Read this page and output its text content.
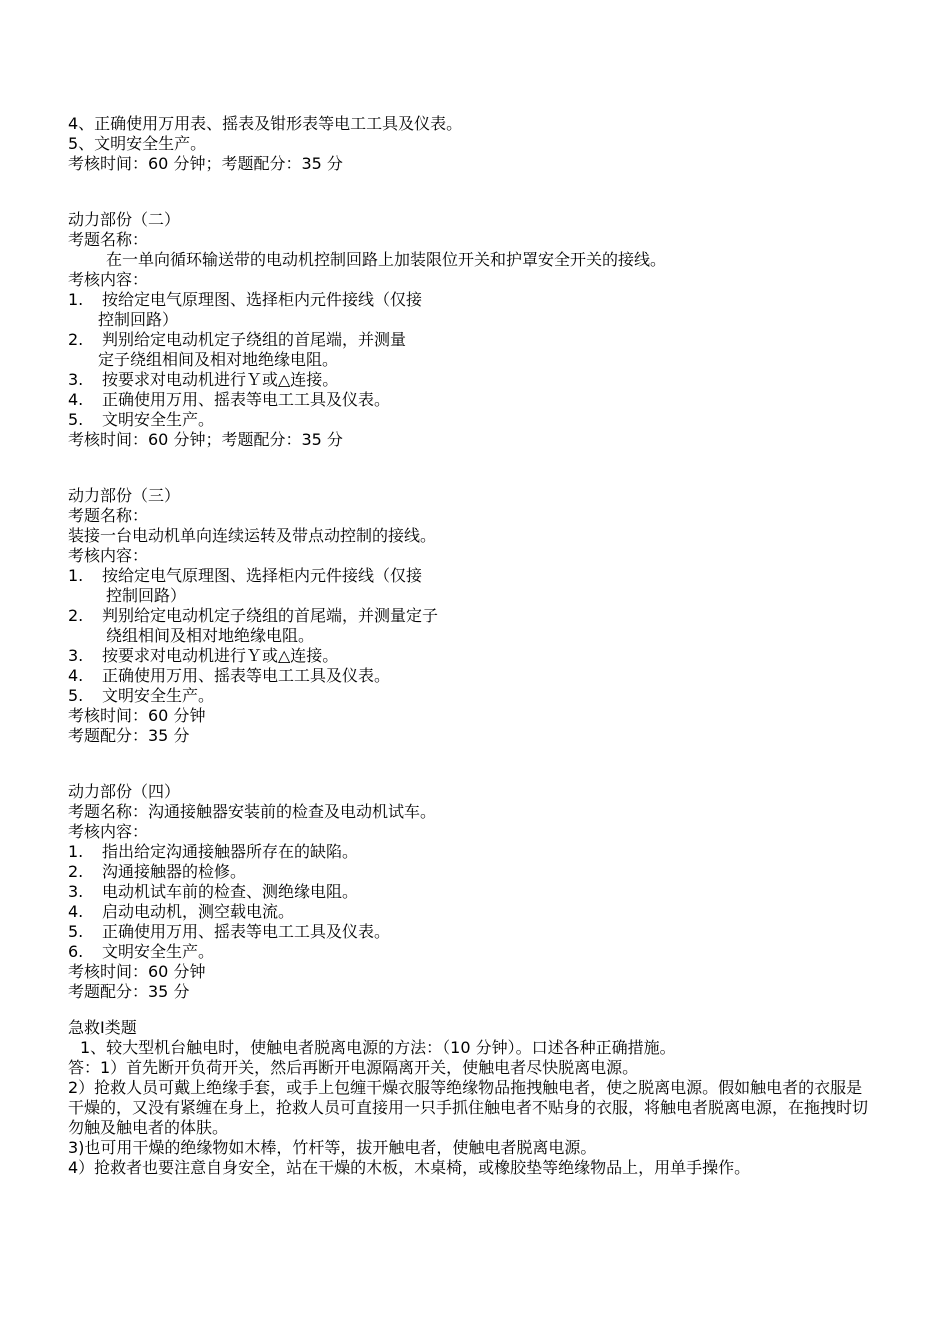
4、正确使用万用表、摇表及钳形表等电工工具及仪表。
5、文明安全生产。
考核时间：60 分钟；考题配分：35 分
动力部份（二）
考题名称：
在一单向循环输送带的电动机控制回路上加装限位开关和护罩安全开关的接线。
考核内容：
1.	按给定电气原理图、选择柜内元件接线（仅接
控制回路）
2.	判别给定电动机定子绕组的首尾端，并测量
定子绕组相间及相对地绝缘电阻。
3.	按要求对电动机进行Ｙ或△连接。
4.	正确使用万用、摇表等电工工具及仪表。
5.	文明安全生产。
考核时间：60 分钟；考题配分：35 分
动力部份（三）
考题名称：
装接一台电动机单向连续运转及带点动控制的接线。
考核内容：
1.	按给定电气原理图、选择柜内元件接线（仅接
控制回路）
2.	判别给定电动机定子绕组的首尾端，并测量定子
绕组相间及相对地绝缘电阻。
3.	按要求对电动机进行Ｙ或△连接。
4.	正确使用万用、摇表等电工工具及仪表。
5.	文明安全生产。
考核时间：60 分钟
考题配分：35 分
动力部份（四）
考题名称：沟通接触器安装前的检查及电动机试车。
考核内容：
1.	指出给定沟通接触器所存在的缺陷。
2.	沟通接触器的检修。
3.	电动机试车前的检查、测绝缘电阻。
4.	启动电动机，测空载电流。
5.	正确使用万用、摇表等电工工具及仪表。
6.	文明安全生产。
考核时间：60 分钟
考题配分：35 分
急救Ⅰ类题
1、较大型机台触电时，使触电者脱离电源的方法：（10 分钟）。口述各种正确措施。
答：1）首先断开负荷开关，然后再断开电源隔离开关，使触电者尽快脱离电源。
2）抢救人员可戴上绝缘手套，或手上包缠干燥衣服等绝缘物品拖拽触电者，使之脱离电源。假如触电者的衣服是干燥的，又没有紧缠在身上，抢救人员可直接用一只手抓住触电者不贴身的衣服，将触电者脱离电源，在拖拽时切勿触及触电者的体肤。
3)也可用干燥的绝缘物如木棒，竹杆等，拔开触电者，使触电者脱离电源。
4）抢救者也要注意自身安全，站在干燥的木板，木桌椅，或橡胶垫等绝缘物品上，用单手操作。
